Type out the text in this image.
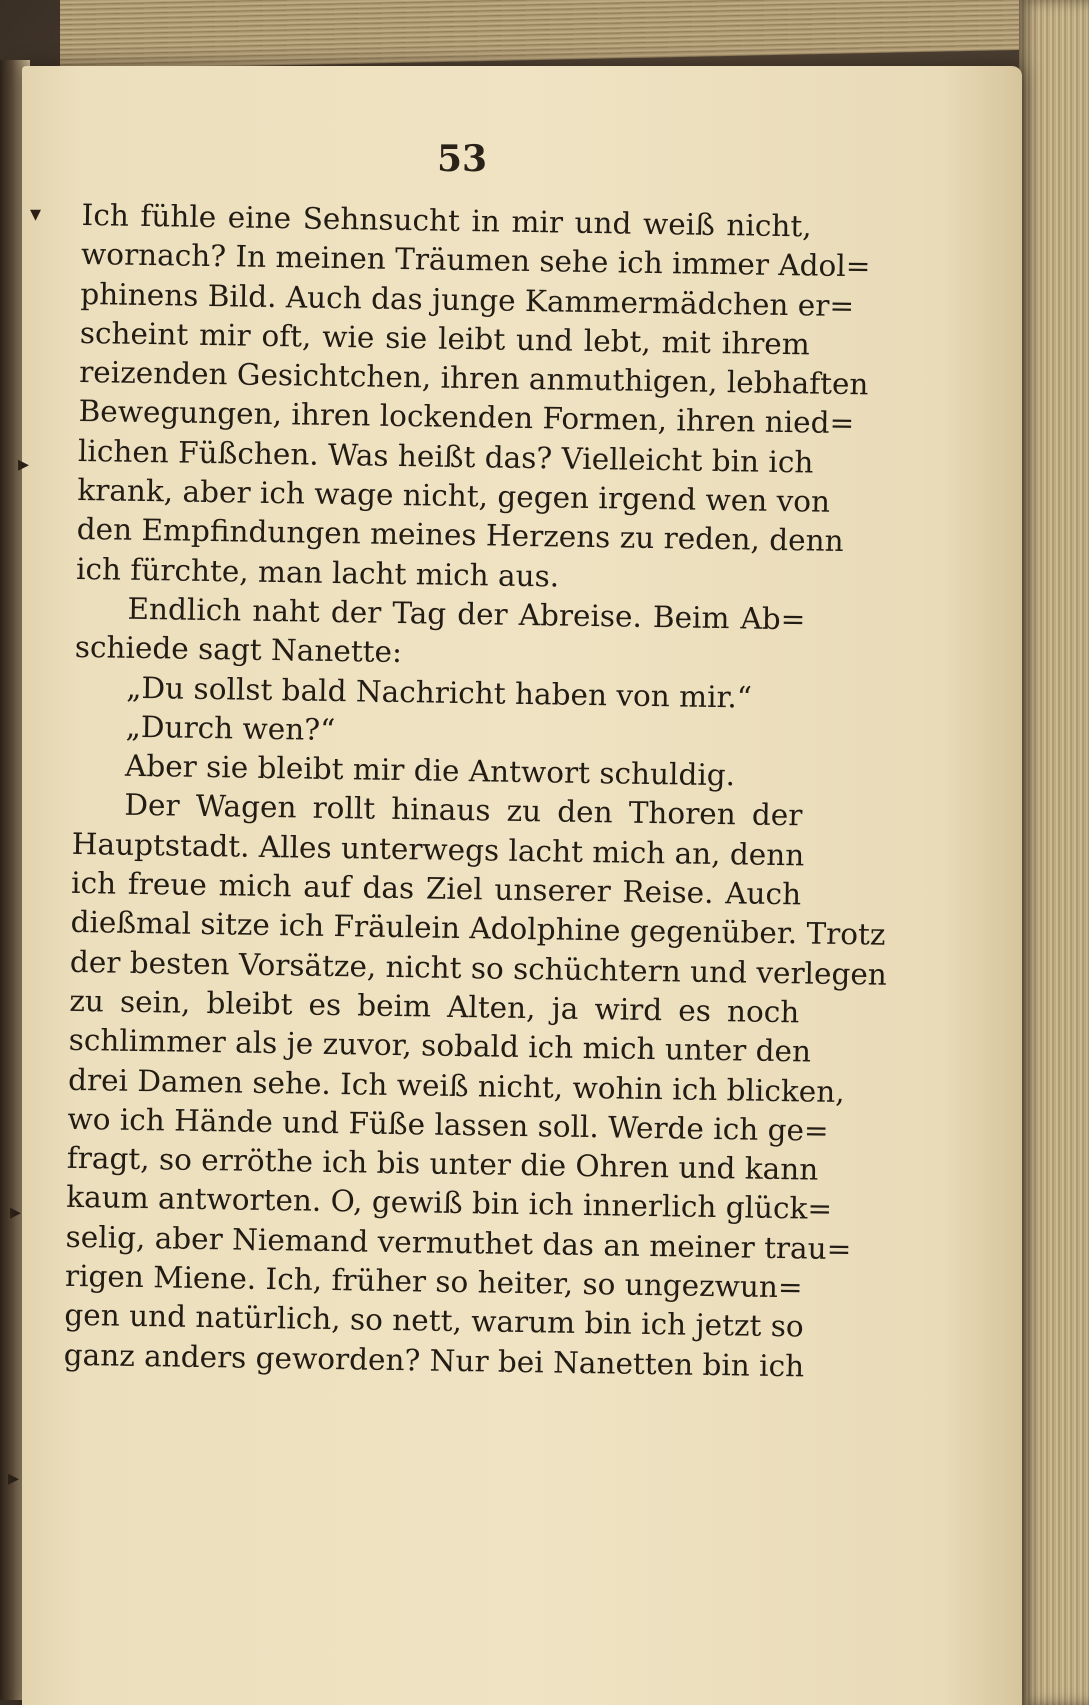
53
▾
▸
▸
▸
Ich fühle eine Sehnsucht in mir und weiß nicht,
wornach? In meinen Träumen sehe ich immer Adol=
phinens Bild. Auch das junge Kammermädchen er=
scheint mir oft, wie sie leibt und lebt, mit ihrem
reizenden Gesichtchen, ihren anmuthigen, lebhaften
Bewegungen, ihren lockenden Formen, ihren nied=
lichen Füßchen. Was heißt das? Vielleicht bin ich
krank, aber ich wage nicht, gegen irgend wen von
den Empfindungen meines Herzens zu reden, denn
ich fürchte, man lacht mich aus.
Endlich naht der Tag der Abreise. Beim Ab=
schiede sagt Nanette:
„Du sollst bald Nachricht haben von mir.“
„Durch wen?“
Aber sie bleibt mir die Antwort schuldig.
Der Wagen rollt hinaus zu den Thoren der
Hauptstadt. Alles unterwegs lacht mich an, denn
ich freue mich auf das Ziel unserer Reise. Auch
dießmal sitze ich Fräulein Adolphine gegenüber. Trotz
der besten Vorsätze, nicht so schüchtern und verlegen
zu sein, bleibt es beim Alten, ja wird es noch
schlimmer als je zuvor, sobald ich mich unter den
drei Damen sehe. Ich weiß nicht, wohin ich blicken,
wo ich Hände und Füße lassen soll. Werde ich ge=
fragt, so erröthe ich bis unter die Ohren und kann
kaum antworten. O, gewiß bin ich innerlich glück=
selig, aber Niemand vermuthet das an meiner trau=
rigen Miene. Ich, früher so heiter, so ungezwun=
gen und natürlich, so nett, warum bin ich jetzt so
ganz anders geworden? Nur bei Nanetten bin ich
